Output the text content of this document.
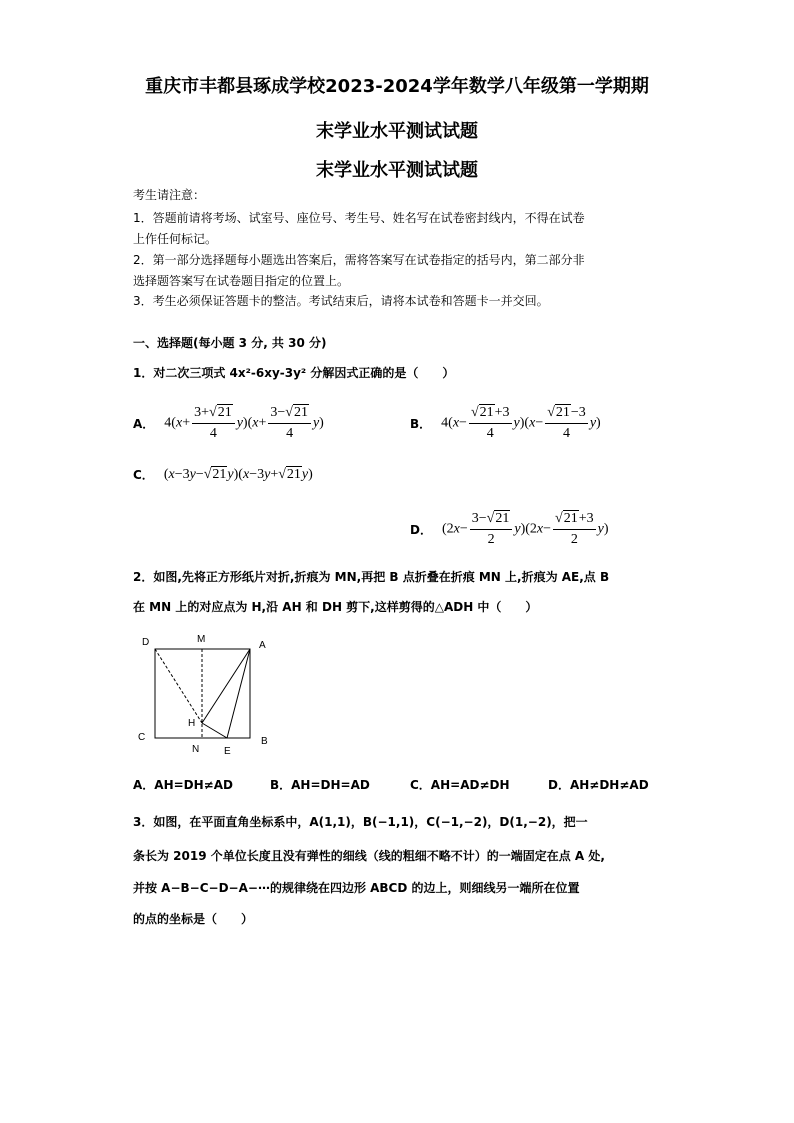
重庆市丰都县琢成学校2023-2024学年数学八年级第一学期期
末学业水平测试试题
末学业水平测试试题
考生请注意：
1．答题前请将考场、试室号、座位号、考生号、姓名写在试卷密封线内，不得在试卷
上作任何标记。
2．第一部分选择题每小题选出答案后，需将答案写在试卷指定的括号内，第二部分非
选择题答案写在试卷题目指定的位置上。
3．考生必须保证答题卡的整洁。考试结束后，请将本试卷和答题卡一并交回。
一、选择题(每小题 3 分, 共 30 分)
1．对二次三项式 4x²-6xy-3y² 分解因式正确的是（　　）
A． $4(x+ \frac{3+√21}{4} y)(x+ \frac{3-√21}{4} y)$	B． $4(x- \frac{√21+3}{4} y)(x- \frac{√21-3}{4} y)$
C． (x−3y−√21y)(x−3y+√21y)
D． $(2x- \frac{3-√21}{2} y)(2x- \frac{√21+3}{2} y)$
2．如图,先将正方形纸片对折,折痕为 MN,再把 B 点折叠在折痕 MN 上,折痕为 AE,点 B
在 MN 上的对应点为 H,沿 AH 和 DH 剪下,这样剪得的△ADH 中（　　）
D	M
A
H
C
N E
B
A．AH=DH≠AD	B．AH=DH=AD	C．AH=AD≠DH	D．AH≠DH≠AD
3．如图，在平面直角坐标系中，A(1,1)，B(−1,1)，C(−1,−2)，D(1,−2)，把一
条长为 2019 个单位长度且没有弹性的细线（线的粗细不略不计）的一端固定在点 A 处,
并按 A−B−C−D−A−⋯的规律绕在四边形 ABCD 的边上，则细线另一端所在位置
的点的坐标是（　　）
